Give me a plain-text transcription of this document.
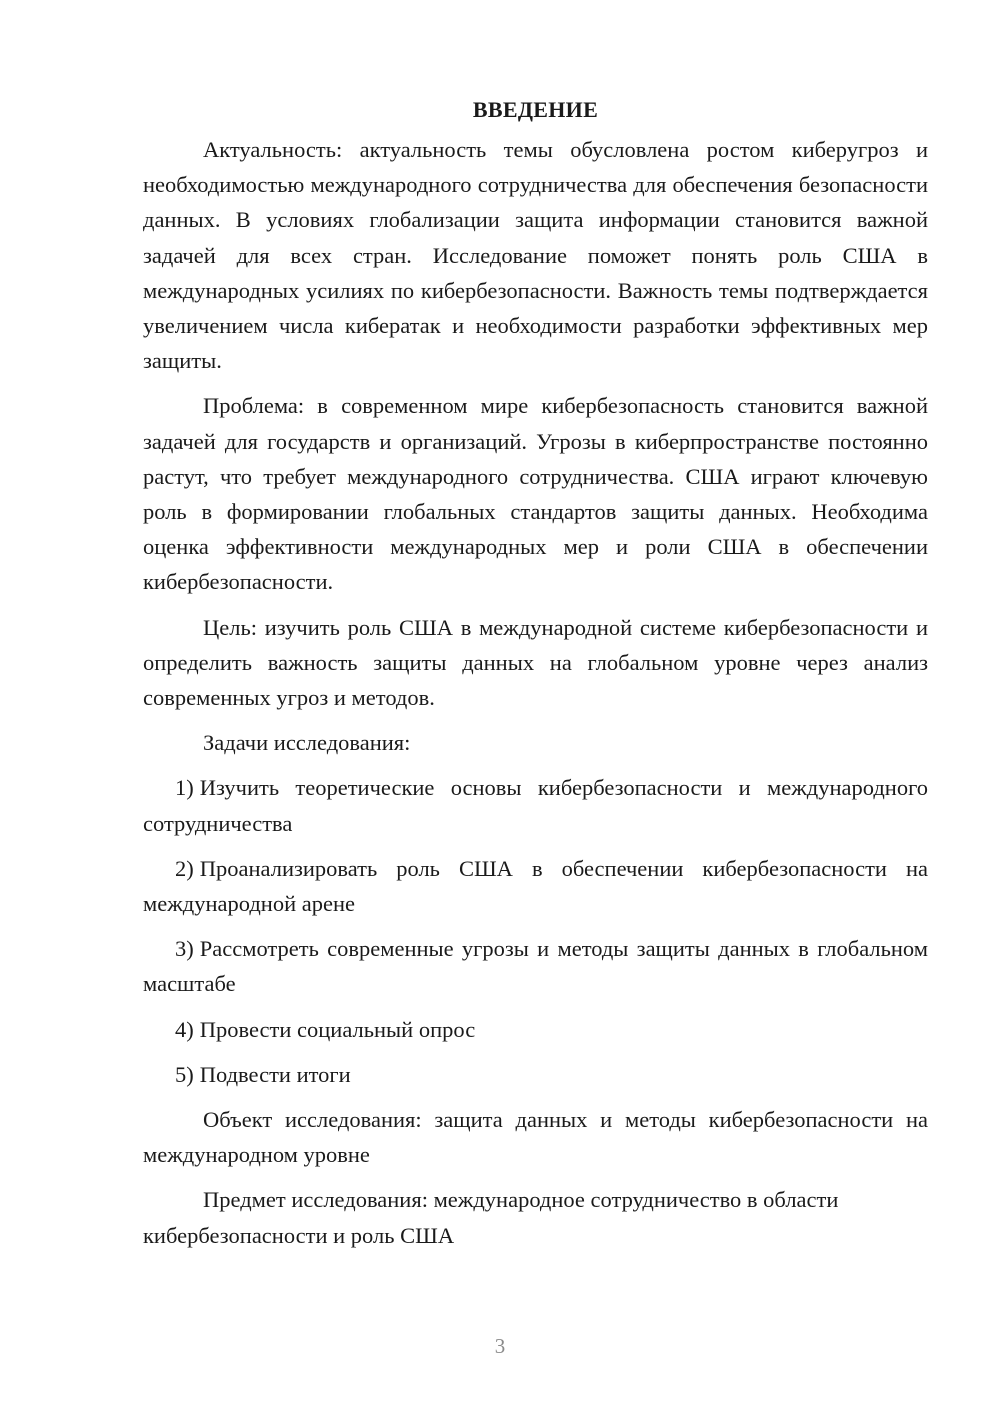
ВВЕДЕНИЕ

Актуальность: актуальность темы обусловлена ростом киберугроз и необходимостью международного сотрудничества для обеспечения безопасности данных. В условиях глобализации защита информации становится важной задачей для всех стран. Исследование поможет понять роль США в международных усилиях по кибербезопасности. Важность темы подтверждается увеличением числа кибератак и необходимости разработки эффективных мер защиты.

Проблема: в современном мире кибербезопасность становится важной задачей для государств и организаций. Угрозы в киберпространстве постоянно растут, что требует международного сотрудничества. США играют ключевую роль в формировании глобальных стандартов защиты данных. Необходима оценка эффективности международных мер и роли США в обеспечении кибербезопасности.

Цель: изучить роль США в международной системе кибербезопасности и определить важность защиты данных на глобальном уровне через анализ современных угроз и методов.

Задачи исследования:

1) Изучить теоретические основы кибербезопасности и международного сотрудничества

2) Проанализировать роль США в обеспечении кибербезопасности на международной арене

3) Рассмотреть современные угрозы и методы защиты данных в глобальном масштабе

4) Провести социальный опрос

5) Подвести итоги

Объект исследования: защита данных и методы кибербезопасности на международном уровне

Предмет исследования: международное сотрудничество в области кибербезопасности и роль США

3
